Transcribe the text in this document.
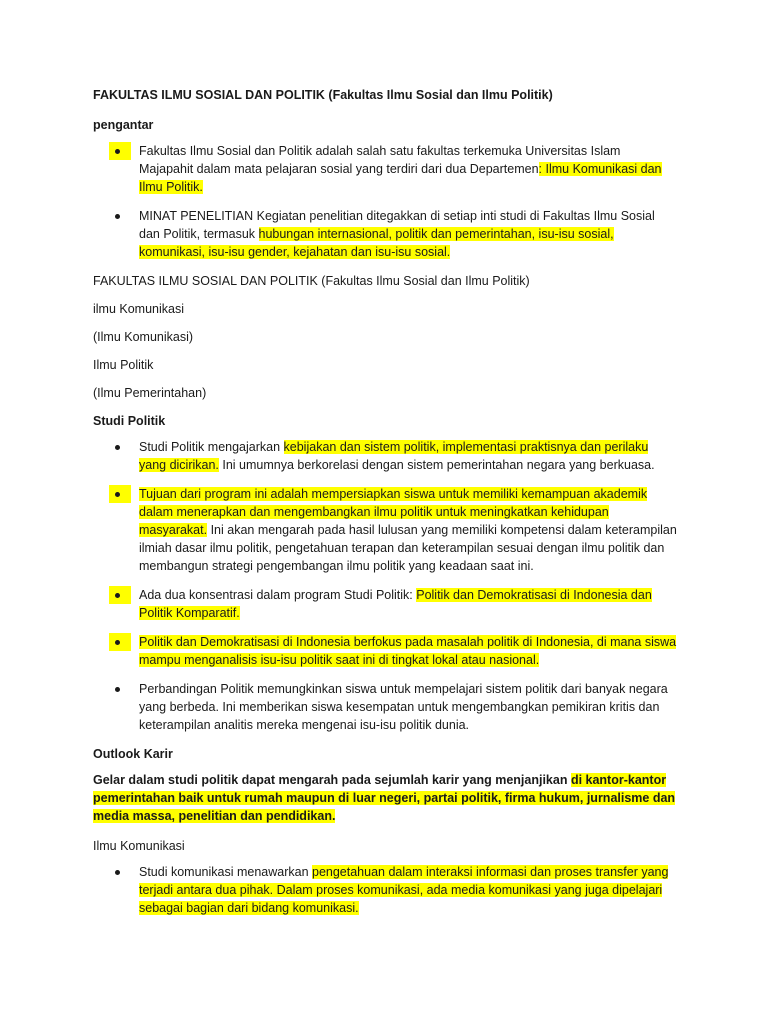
FAKULTAS ILMU SOSIAL DAN POLITIK (Fakultas Ilmu Sosial dan Ilmu Politik)

pengantar

Fakultas Ilmu Sosial dan Politik adalah salah satu fakultas terkemuka Universitas Islam Majapahit dalam mata pelajaran sosial yang terdiri dari dua Departemen: Ilmu Komunikasi dan Ilmu Politik.
MINAT PENELITIAN Kegiatan penelitian ditegakkan di setiap inti studi di Fakultas Ilmu Sosial dan Politik, termasuk hubungan internasional, politik dan pemerintahan, isu-isu sosial, komunikasi, isu-isu gender, kejahatan dan isu-isu sosial.

FAKULTAS ILMU SOSIAL DAN POLITIK (Fakultas Ilmu Sosial dan Ilmu Politik)

ilmu Komunikasi

(Ilmu Komunikasi)

Ilmu Politik

(Ilmu Pemerintahan)

Studi Politik

Studi Politik mengajarkan kebijakan dan sistem politik, implementasi praktisnya dan perilaku yang dicirikan. Ini umumnya berkorelasi dengan sistem pemerintahan negara yang berkuasa.
Tujuan dari program ini adalah mempersiapkan siswa untuk memiliki kemampuan akademik dalam menerapkan dan mengembangkan ilmu politik untuk meningkatkan kehidupan masyarakat. Ini akan mengarah pada hasil lulusan yang memiliki kompetensi dalam keterampilan ilmiah dasar ilmu politik, pengetahuan terapan dan keterampilan sesuai dengan ilmu politik dan membangun strategi pengembangan ilmu politik yang keadaan saat ini.
Ada dua konsentrasi dalam program Studi Politik: Politik dan Demokratisasi di Indonesia dan Politik Komparatif.
Politik dan Demokratisasi di Indonesia berfokus pada masalah politik di Indonesia, di mana siswa mampu menganalisis isu-isu politik saat ini di tingkat lokal atau nasional.
Perbandingan Politik memungkinkan siswa untuk mempelajari sistem politik dari banyak negara yang berbeda. Ini memberikan siswa kesempatan untuk mengembangkan pemikiran kritis dan keterampilan analitis mereka mengenai isu-isu politik dunia.

Outlook Karir

Gelar dalam studi politik dapat mengarah pada sejumlah karir yang menjanjikan di kantor-kantor pemerintahan baik untuk rumah maupun di luar negeri, partai politik, firma hukum, jurnalisme dan media massa, penelitian dan pendidikan.

Ilmu Komunikasi

Studi komunikasi menawarkan pengetahuan dalam interaksi informasi dan proses transfer yang terjadi antara dua pihak. Dalam proses komunikasi, ada media komunikasi yang juga dipelajari sebagai bagian dari bidang komunikasi.
